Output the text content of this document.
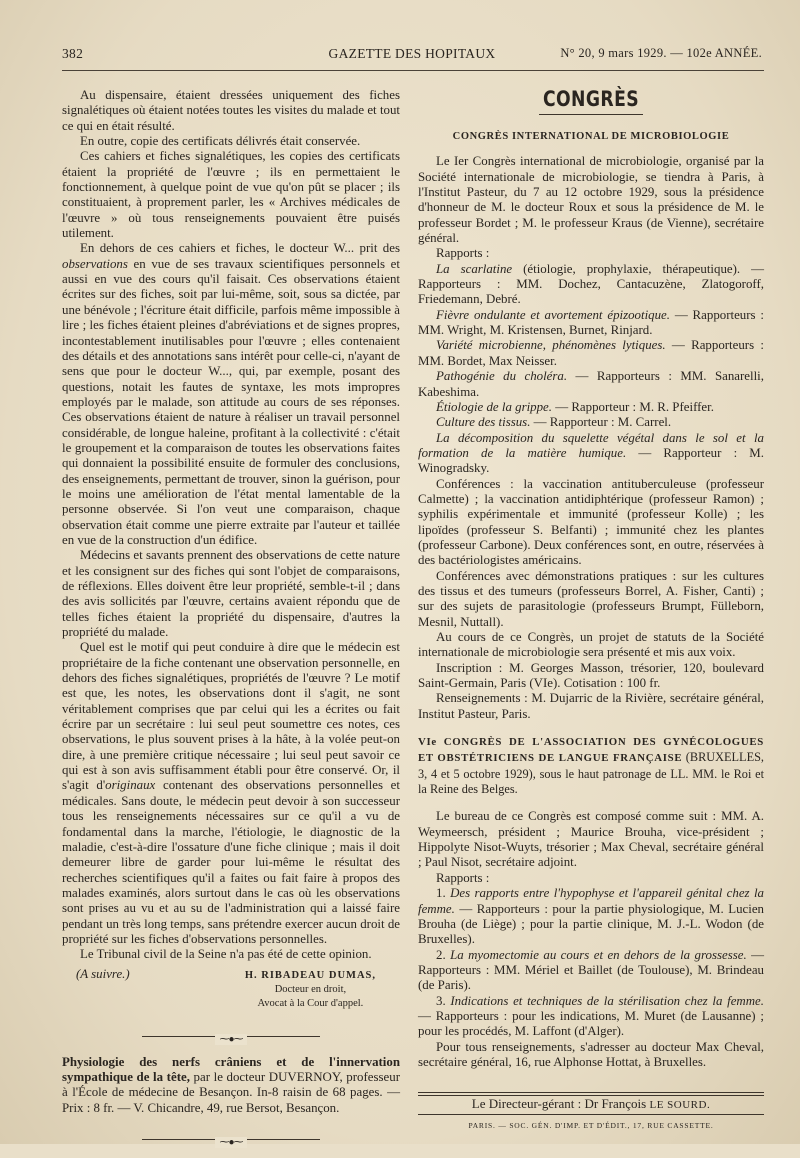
382	GAZETTE DES HOPITAUX	N° 20, 9 mars 1929. — 102e ANNÉE.

Au dispensaire, étaient dressées uniquement des fiches signalétiques où étaient notées toutes les visites du malade et tout ce qui en était résulté.

En outre, copie des certificats délivrés était conservée.

Ces cahiers et fiches signalétiques, les copies des certificats étaient la propriété de l'œuvre ; ils en permettaient le fonctionnement, à quelque point de vue qu'on pût se placer ; ils constituaient, à proprement parler, les « Archives médicales de l'œuvre » où tous renseignements pouvaient être puisés utilement.

En dehors de ces cahiers et fiches, le docteur W... prit des observations en vue de ses travaux scientifiques personnels et aussi en vue des cours qu'il faisait. Ces observations étaient écrites sur des fiches, soit par lui-même, soit, sous sa dictée, par une bénévole ; l'écriture était difficile, parfois même impossible à lire ; les fiches étaient pleines d'abréviations et de signes propres, incontestablement inutilisables pour l'œuvre ; elles contenaient des détails et des annotations sans intérêt pour celle-ci, n'ayant de sens que pour le docteur W..., qui, par exemple, posant des questions, notait les fautes de syntaxe, les mots impropres employés par le malade, son attitude au cours de ses réponses. Ces observations étaient de nature à réaliser un travail personnel considérable, de longue haleine, profitant à la collectivité : c'était le groupement et la comparaison de toutes les observations faites qui donnaient la possibilité ensuite de formuler des conclusions, des enseignements, permettant de trouver, sinon la guérison, pour le moins une amélioration de l'état mental lamentable de la personne observée. Si l'on veut une comparaison, chaque observation était comme une pierre extraite par l'auteur et taillée en vue de la construction d'un édifice.

Médecins et savants prennent des observations de cette nature et les consignent sur des fiches qui sont l'objet de comparaisons, de réflexions. Elles doivent être leur propriété, semble-t-il ; dans des avis sollicités par l'œuvre, certains avaient répondu que de telles fiches étaient la propriété du dispensaire, d'autres la propriété du malade.

Quel est le motif qui peut conduire à dire que le médecin est propriétaire de la fiche contenant une observation personnelle, en dehors des fiches signalétiques, propriétés de l'œuvre ? Le motif est que, les notes, les observations dont il s'agit, ne sont véritablement comprises que par celui qui les a écrites ou fait écrire par un secrétaire : lui seul peut soumettre ces notes, ces observations, le plus souvent prises à la hâte, à la volée peut-on dire, à une première critique nécessaire ; lui seul peut savoir ce qui est à son avis suffisamment établi pour être conservé. Or, il s'agit d'originaux contenant des observations personnelles et médicales. Sans doute, le médecin peut devoir à son successeur tous les renseignements nécessaires sur ce qu'il a vu de fondamental dans la marche, l'étiologie, le diagnostic de la maladie, c'est-à-dire l'ossature d'une fiche clinique ; mais il doit demeurer libre de garder pour lui-même le résultat des recherches scientifiques qu'il a faites ou fait faire à propos des malades examinés, alors surtout dans le cas où les observations sont prises au vu et au su de l'administration qui a laissé faire pendant un très long temps, sans prétendre exercer aucun droit de propriété sur les fiches d'observations personnelles.

Le Tribunal civil de la Seine n'a pas été de cette opinion.

(A suivre.)	H. RIBADEAU DUMAS,
Docteur en droit,
Avocat à la Cour d'appel.
⁓●⁓

Physiologie des nerfs crâniens et de l'innervation sympathique de la tête, par le docteur DUVERNOY, professeur à l'École de médecine de Besançon. In-8 raisin de 68 pages. — Prix : 8 fr. — V. Chicandre, 49, rue Bersot, Besançon.

⁓●⁓
CONGRÈS
CONGRÈS INTERNATIONAL DE MICROBIOLOGIE

Le Ier Congrès international de microbiologie, organisé par la Société internationale de microbiologie, se tiendra à Paris, à l'Institut Pasteur, du 7 au 12 octobre 1929, sous la présidence d'honneur de M. le docteur Roux et sous la présidence de M. le professeur Bordet ; M. le professeur Kraus (de Vienne), secrétaire général.

Rapports :

La scarlatine (étiologie, prophylaxie, thérapeutique). — Rapporteurs : MM. Dochez, Cantacuzène, Zlatogoroff, Friedemann, Debré.

Fièvre ondulante et avortement épizootique. — Rapporteurs : MM. Wright, M. Kristensen, Burnet, Rinjard.

Variété microbienne, phénomènes lytiques. — Rapporteurs : MM. Bordet, Max Neisser.

Pathogénie du choléra. — Rapporteurs : MM. Sanarelli, Kabeshima.

Étiologie de la grippe. — Rapporteur : M. R. Pfeiffer.

Culture des tissus. — Rapporteur : M. Carrel.

La décomposition du squelette végétal dans le sol et la formation de la matière humique. — Rapporteur : M. Winogradsky.

Conférences : la vaccination antituberculeuse (professeur Calmette) ; la vaccination antidiphtérique (professeur Ramon) ; syphilis expérimentale et immunité (professeur Kolle) ; les lipoïdes (professeur S. Belfanti) ; immunité chez les plantes (professeur Carbone). Deux conférences sont, en outre, réservées à des bactériologistes américains.

Conférences avec démonstrations pratiques : sur les cultures des tissus et des tumeurs (professeurs Borrel, A. Fisher, Canti) ; sur des sujets de parasitologie (professeurs Brumpt, Fülleborn, Mesnil, Nuttall).

Au cours de ce Congrès, un projet de statuts de la Société internationale de microbiologie sera présenté et mis aux voix.

Inscription : M. Georges Masson, trésorier, 120, boulevard Saint-Germain, Paris (VIe). Cotisation : 100 fr.

Renseignements : M. Dujarric de la Rivière, secrétaire général, Institut Pasteur, Paris.

VIe CONGRÈS DE L'ASSOCIATION DES GYNÉCOLOGUES ET OBSTÉTRICIENS DE LANGUE FRANÇAISE (BRUXELLES, 3, 4 et 5 octobre 1929), sous le haut patronage de LL. MM. le Roi et la Reine des Belges.

Le bureau de ce Congrès est composé comme suit : MM. A. Weymeersch, président ; Maurice Brouha, vice-président ; Hippolyte Nisot-Wuyts, trésorier ; Max Cheval, secrétaire général ; Paul Nisot, secrétaire adjoint.

Rapports :

1. Des rapports entre l'hypophyse et l'appareil génital chez la femme. — Rapporteurs : pour la partie physiologique, M. Lucien Brouha (de Liège) ; pour la partie clinique, M. J.-L. Wodon (de Bruxelles).

2. La myomectomie au cours et en dehors de la grossesse. — Rapporteurs : MM. Mériel et Baillet (de Toulouse), M. Brindeau (de Paris).

3. Indications et techniques de la stérilisation chez la femme. — Rapporteurs : pour les indications, M. Muret (de Lausanne) ; pour les procédés, M. Laffont (d'Alger).

Pour tous renseignements, s'adresser au docteur Max Cheval, secrétaire général, 16, rue Alphonse Hottat, à Bruxelles.

Le Directeur-gérant : Dr François LE SOURD.

PARIS. — SOC. GÉN. D'IMP. ET D'ÉDIT., 17, RUE CASSETTE.
